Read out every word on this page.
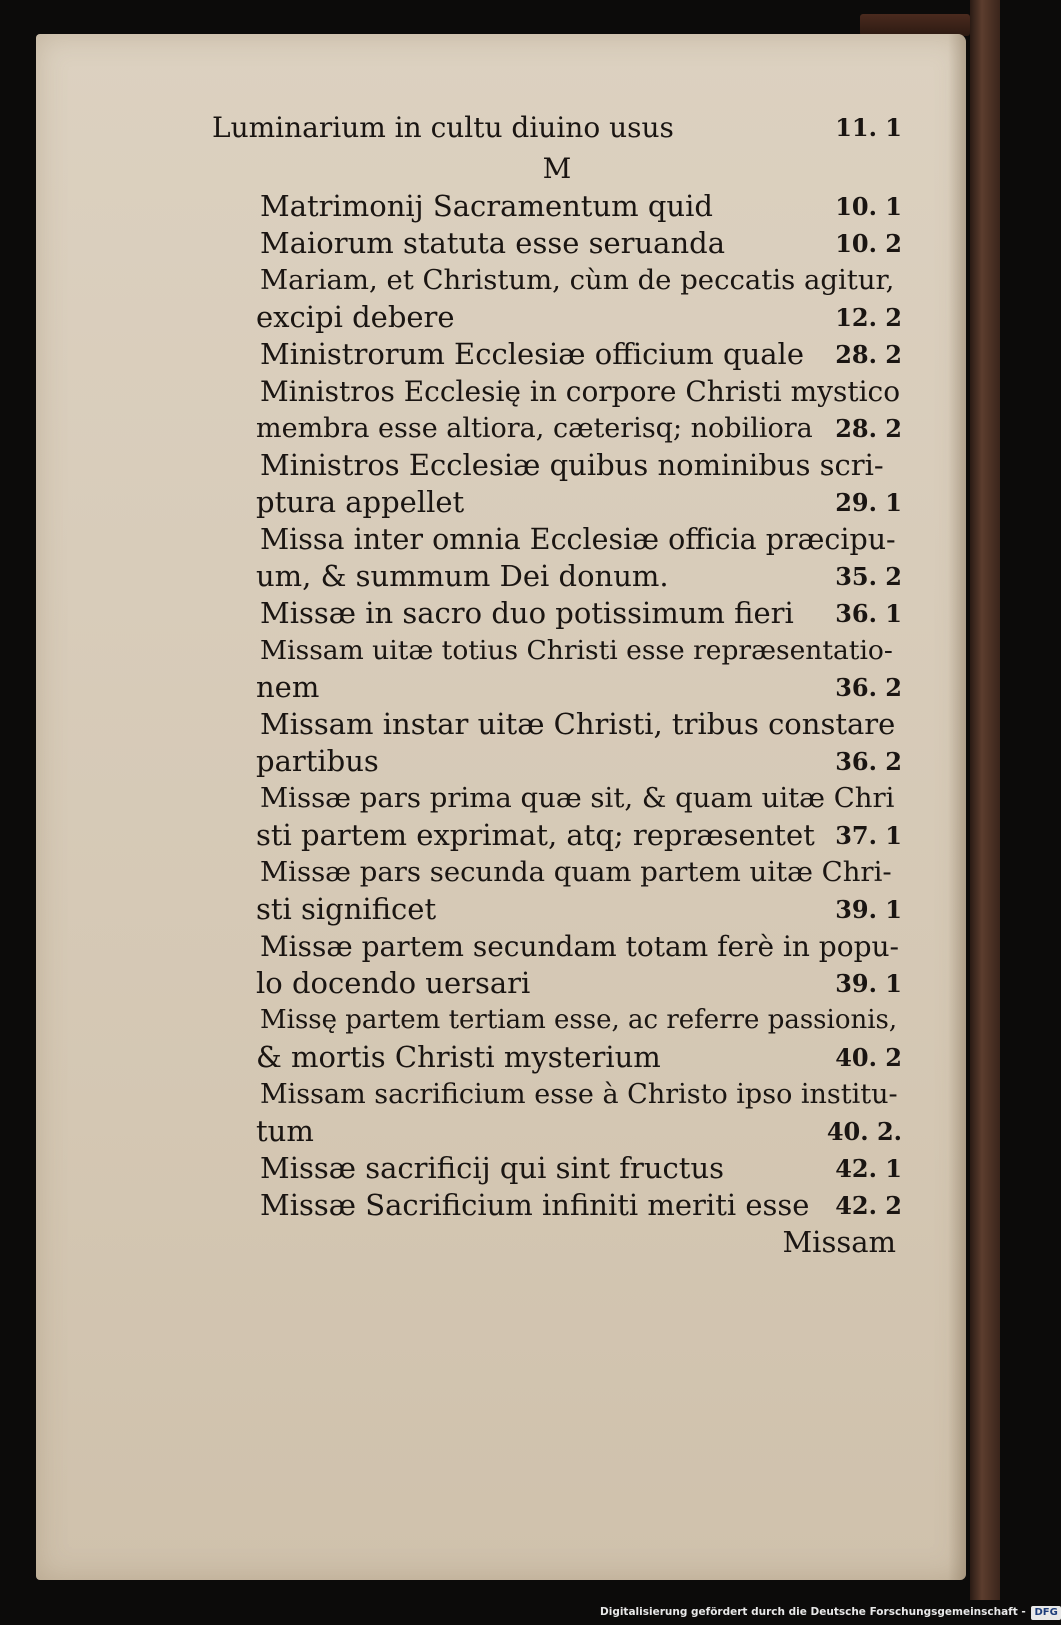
Luminarium in cultu diuino usus	11. 1
M
Matrimonij Sacramentum quid	10. 1
Maiorum statuta esse seruanda	10. 2
Mariam, et Christum, cùm de peccatis agitur,
excipi debere	12. 2
Ministrorum Ecclesiæ officium quale 28. 2
Ministros Ecclesię in corpore Christi mystico
membra esse altiora, cæterisq; nobiliora 28. 2
Ministros Ecclesiæ quibus nominibus scri-
ptura appellet	29. 1
Missa inter omnia Ecclesiæ officia præcipu-
um, & summum Dei donum.	35. 2
Missæ in sacro duo potissimum fieri 36. 1
Missam uitæ totius Christi esse repræsentatio-
nem	36. 2
Missam instar uitæ Christi, tribus constare
partibus	36. 2
Missæ pars prima quæ sit, & quam uitæ Chri
sti partem exprimat, atq; repræsentet 37. 1
Missæ pars secunda quam partem uitæ Chri-
sti significet	39. 1
Missæ partem secundam totam ferè in popu-
lo docendo uersari	39. 1
Missę partem tertiam esse, ac referre passionis,
& mortis Christi mysterium	40. 2
Missam sacrificium esse à Christo ipso institu-
tum	40. 2.
Missæ sacrificij qui sint fructus	42. 1
Missæ Sacrificium infiniti meriti esse 42. 2
Missam
Digitalisierung gefördert durch die Deutsche Forschungsgemeinschaft - DFG
